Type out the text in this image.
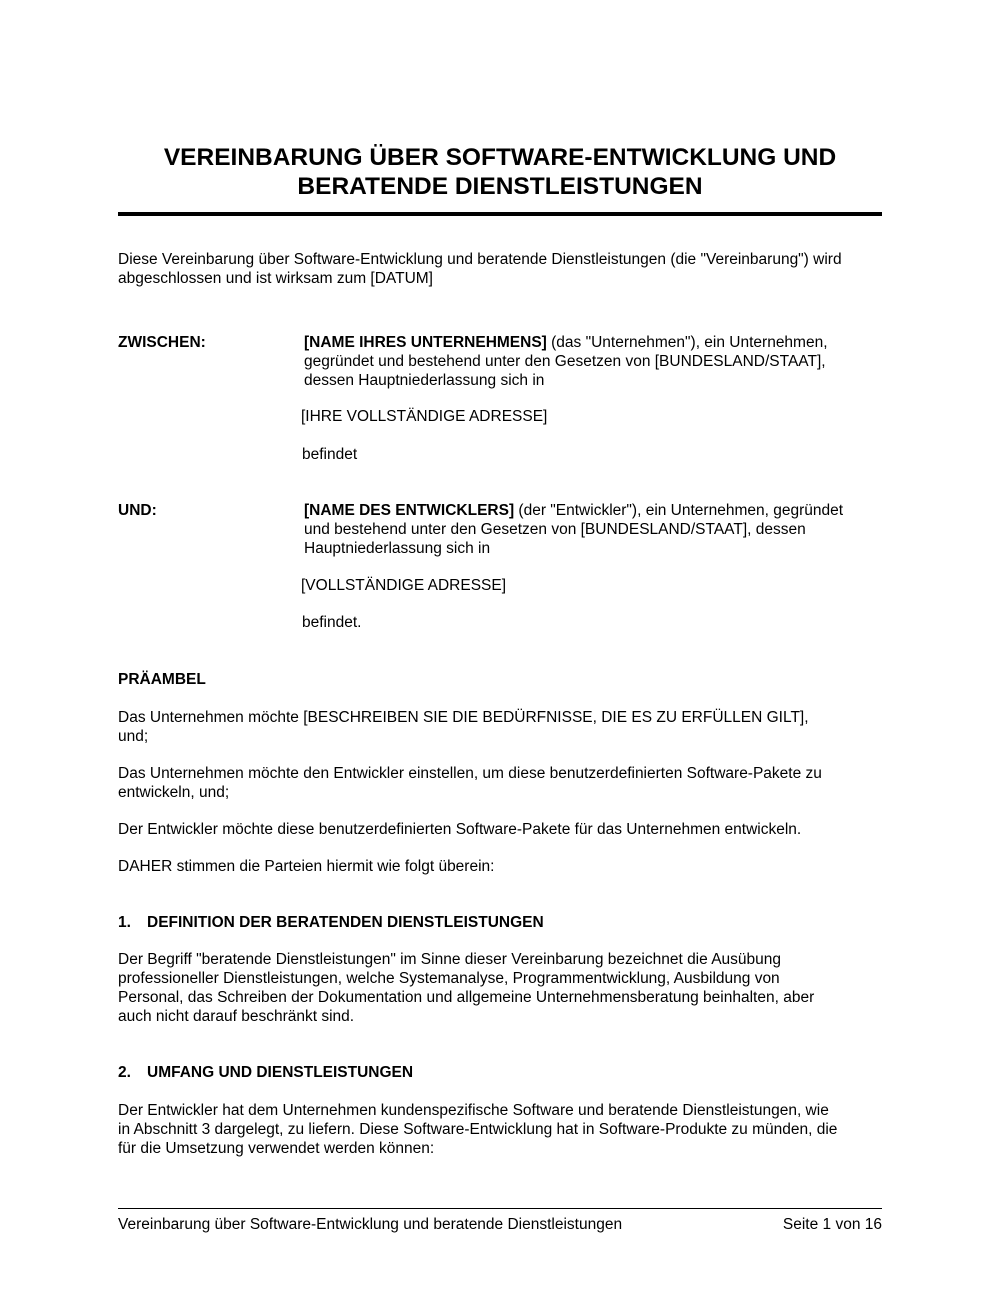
VEREINBARUNG ÜBER SOFTWARE-ENTWICKLUNG UND
BERATENDE DIENSTLEISTUNGEN
Diese Vereinbarung über Software-Entwicklung und beratende Dienstleistungen (die "Vereinbarung") wird
abgeschlossen und ist wirksam zum [DATUM]
ZWISCHEN:	[NAME IHRES UNTERNEHMENS] (das "Unternehmen"), ein Unternehmen,
gegründet und bestehend unter den Gesetzen von [BUNDESLAND/STAAT],
dessen Hauptniederlassung sich in
[IHRE VOLLSTÄNDIGE ADRESSE]
befindet
UND:	[NAME DES ENTWICKLERS] (der "Entwickler"), ein Unternehmen, gegründet
und bestehend unter den Gesetzen von [BUNDESLAND/STAAT], dessen
Hauptniederlassung sich in
[VOLLSTÄNDIGE ADRESSE]
befindet.
PRÄAMBEL
Das Unternehmen möchte [BESCHREIBEN SIE DIE BEDÜRFNISSE, DIE ES ZU ERFÜLLEN GILT],
und;
Das Unternehmen möchte den Entwickler einstellen, um diese benutzerdefinierten Software-Pakete zu
entwickeln, und;
Der Entwickler möchte diese benutzerdefinierten Software-Pakete für das Unternehmen entwickeln.
DAHER stimmen die Parteien hiermit wie folgt überein:
1. DEFINITION DER BERATENDEN DIENSTLEISTUNGEN
Der Begriff "beratende Dienstleistungen" im Sinne dieser Vereinbarung bezeichnet die Ausübung
professioneller Dienstleistungen, welche Systemanalyse, Programmentwicklung, Ausbildung von
Personal, das Schreiben der Dokumentation und allgemeine Unternehmensberatung beinhalten, aber
auch nicht darauf beschränkt sind.
2. UMFANG UND DIENSTLEISTUNGEN
Der Entwickler hat dem Unternehmen kundenspezifische Software und beratende Dienstleistungen, wie
in Abschnitt 3 dargelegt, zu liefern. Diese Software-Entwicklung hat in Software-Produkte zu münden, die
für die Umsetzung verwendet werden können:
Vereinbarung über Software-Entwicklung und beratende Dienstleistungen	Seite 1 von 16
